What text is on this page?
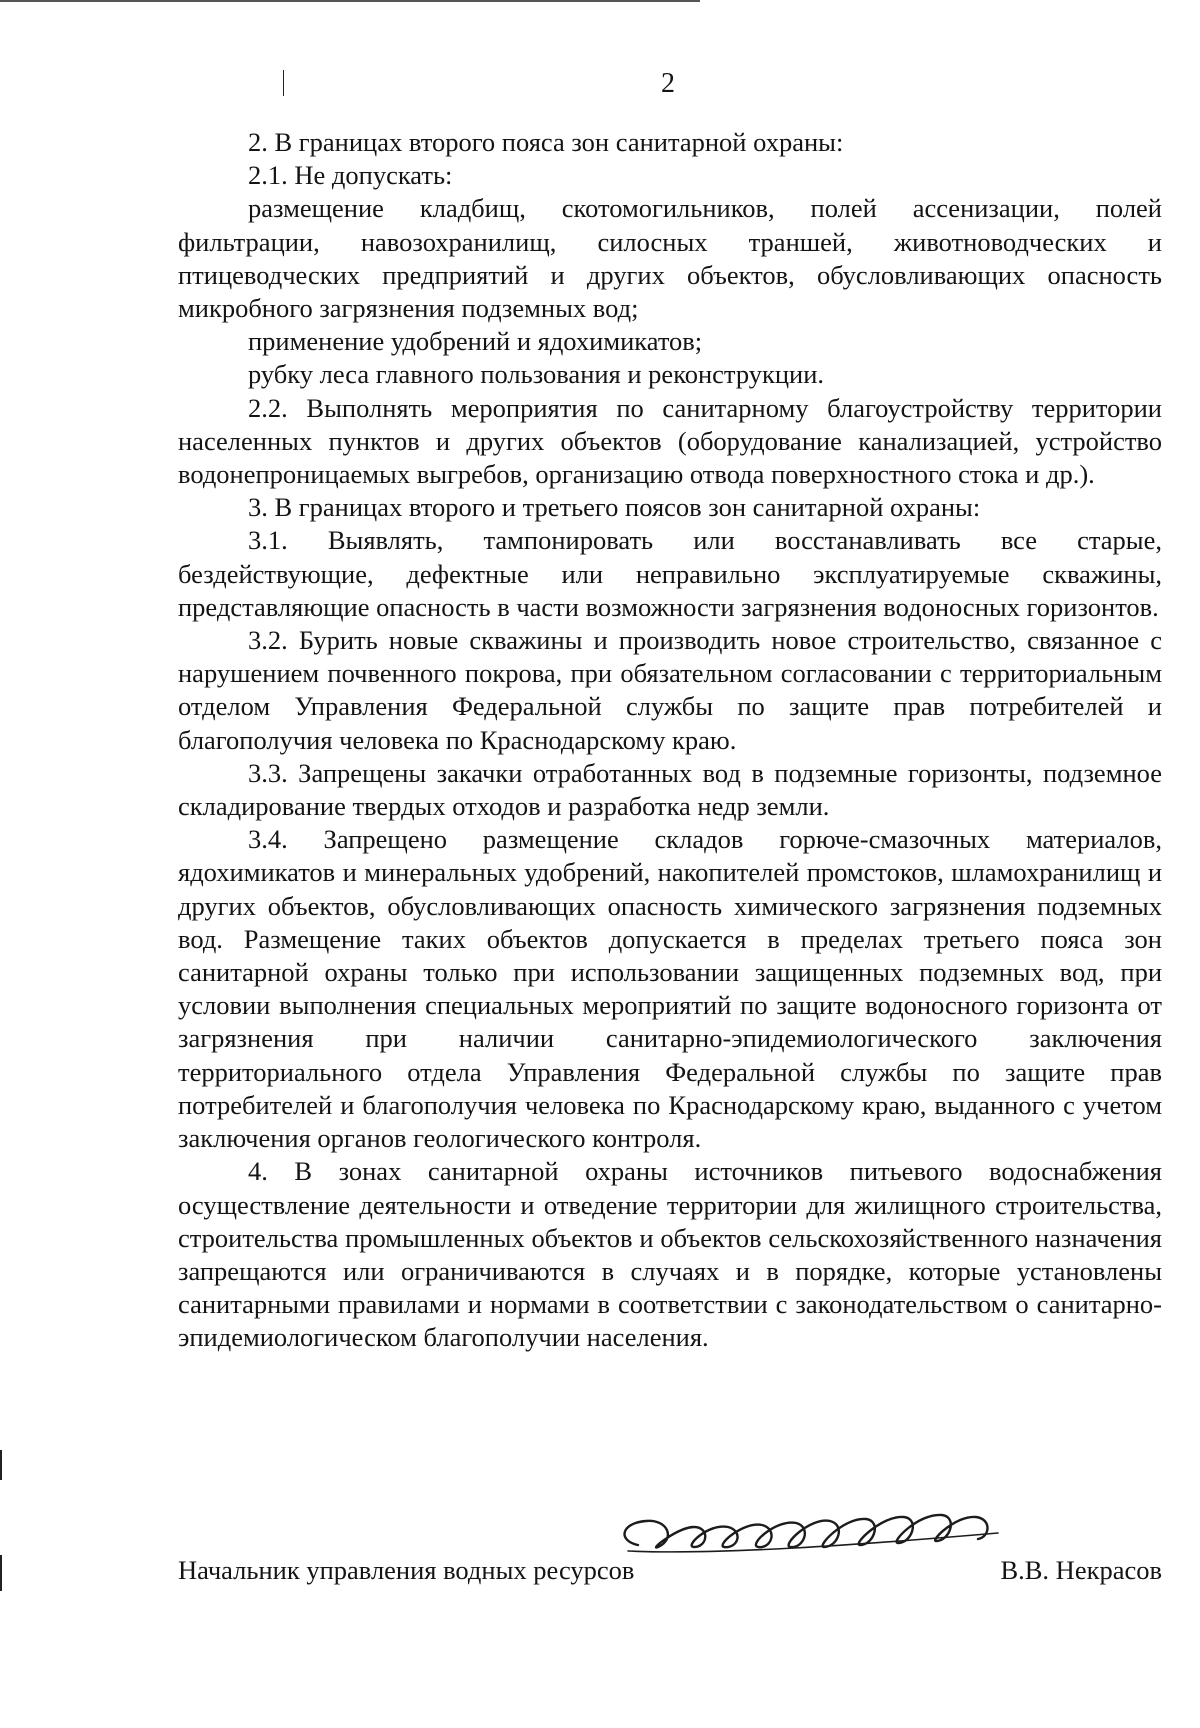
2

2. В границах второго пояса зон санитарной охраны:

2.1. Не допускать:

размещение кладбищ, скотомогильников, полей ассенизации, полей фильтрации, навозохранилищ, силосных траншей, животноводческих и птицеводческих предприятий и других объектов, обусловливающих опасность микробного загрязнения подземных вод;

применение удобрений и ядохимикатов;

рубку леса главного пользования и реконструкции.

2.2. Выполнять мероприятия по санитарному благоустройству территории населенных пунктов и других объектов (оборудование канализацией, устройство водонепроницаемых выгребов, организацию отвода поверхностного стока и др.).

3. В границах второго и третьего поясов зон санитарной охраны:

3.1. Выявлять, тампонировать или восстанавливать все старые, бездействующие, дефектные или неправильно эксплуатируемые скважины, представляющие опасность в части возможности загрязнения водоносных горизонтов.

3.2. Бурить новые скважины и производить новое строительство, связанное с нарушением почвенного покрова, при обязательном согласовании с территориальным отделом Управления Федеральной службы по защите прав потребителей и благополучия человека по Краснодарскому краю.

3.3. Запрещены закачки отработанных вод в подземные горизонты, подземное складирование твердых отходов и разработка недр земли.

3.4. Запрещено размещение складов горюче-смазочных материалов, ядохимикатов и минеральных удобрений, накопителей промстоков, шламохранилищ и других объектов, обусловливающих опасность химического загрязнения подземных вод. Размещение таких объектов допускается в пределах третьего пояса зон санитарной охраны только при использовании защищенных подземных вод, при условии выполнения специальных мероприятий по защите водоносного горизонта от загрязнения при наличии санитарно-эпидемиологического заключения территориального отдела Управления Федеральной службы по защите прав потребителей и благополучия человека по Краснодарскому краю, выданного с учетом заключения органов геологического контроля.

4. В зонах санитарной охраны источников питьевого водоснабжения осуществление деятельности и отведение территории для жилищного строительства, строительства промышленных объектов и объектов сельскохозяйственного назначения запрещаются или ограничиваются в случаях и в порядке, которые установлены санитарными правилами и нормами в соответствии с законодательством о санитарно-эпидемиологическом благополучии населения.

Начальник управления водных ресурсов	В.В. Некрасов
